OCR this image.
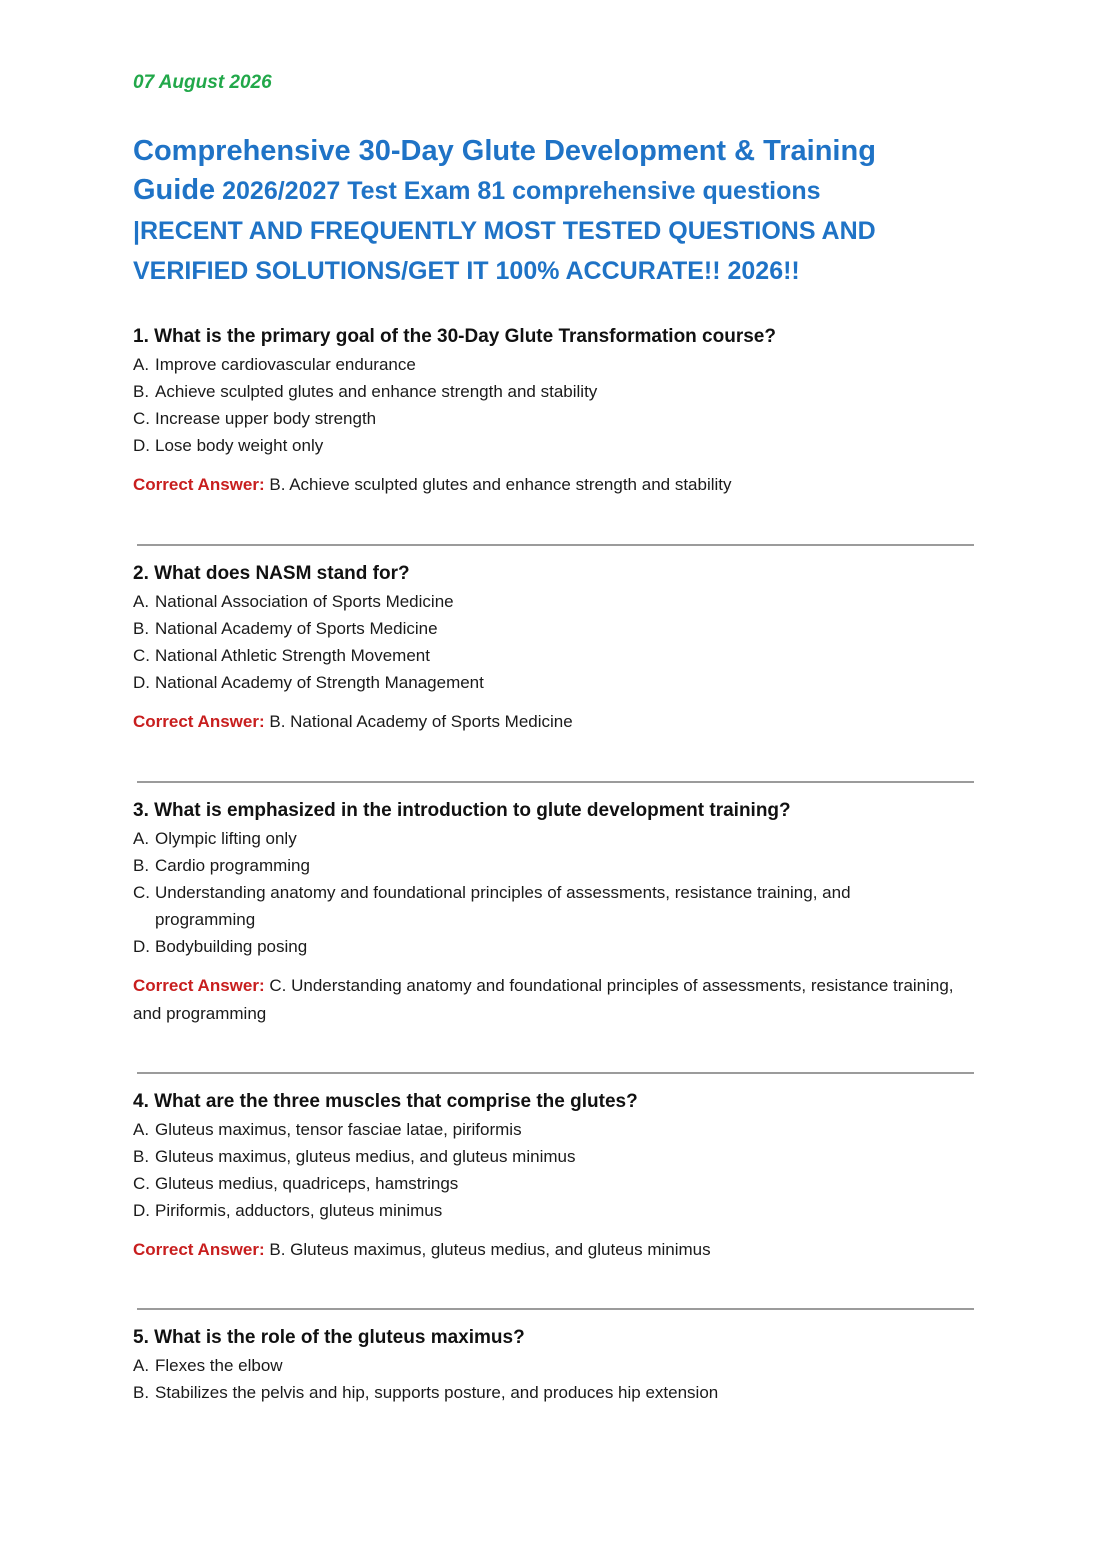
07 August 2026
Comprehensive 30-Day Glute Development & Training
Guide 2026/2027 Test Exam 81 comprehensive questions |RECENT AND FREQUENTLY MOST TESTED QUESTIONS AND VERIFIED SOLUTIONS/GET IT 100% ACCURATE!! 2026!!
1. What is the primary goal of the 30-Day Glute Transformation course?
A. Improve cardiovascular endurance
B. Achieve sculpted glutes and enhance strength and stability
C. Increase upper body strength
D. Lose body weight only
Correct Answer: B. Achieve sculpted glutes and enhance strength and stability
2. What does NASM stand for?
A. National Association of Sports Medicine
B. National Academy of Sports Medicine
C. National Athletic Strength Movement
D. National Academy of Strength Management
Correct Answer: B. National Academy of Sports Medicine
3. What is emphasized in the introduction to glute development training?
A. Olympic lifting only
B. Cardio programming
C. Understanding anatomy and foundational principles of assessments, resistance training, and programming
D. Bodybuilding posing
Correct Answer: C. Understanding anatomy and foundational principles of assessments, resistance training, and programming
4. What are the three muscles that comprise the glutes?
A. Gluteus maximus, tensor fasciae latae, piriformis
B. Gluteus maximus, gluteus medius, and gluteus minimus
C. Gluteus medius, quadriceps, hamstrings
D. Piriformis, adductors, gluteus minimus
Correct Answer: B. Gluteus maximus, gluteus medius, and gluteus minimus
5. What is the role of the gluteus maximus?
A. Flexes the elbow
B. Stabilizes the pelvis and hip, supports posture, and produces hip extension
